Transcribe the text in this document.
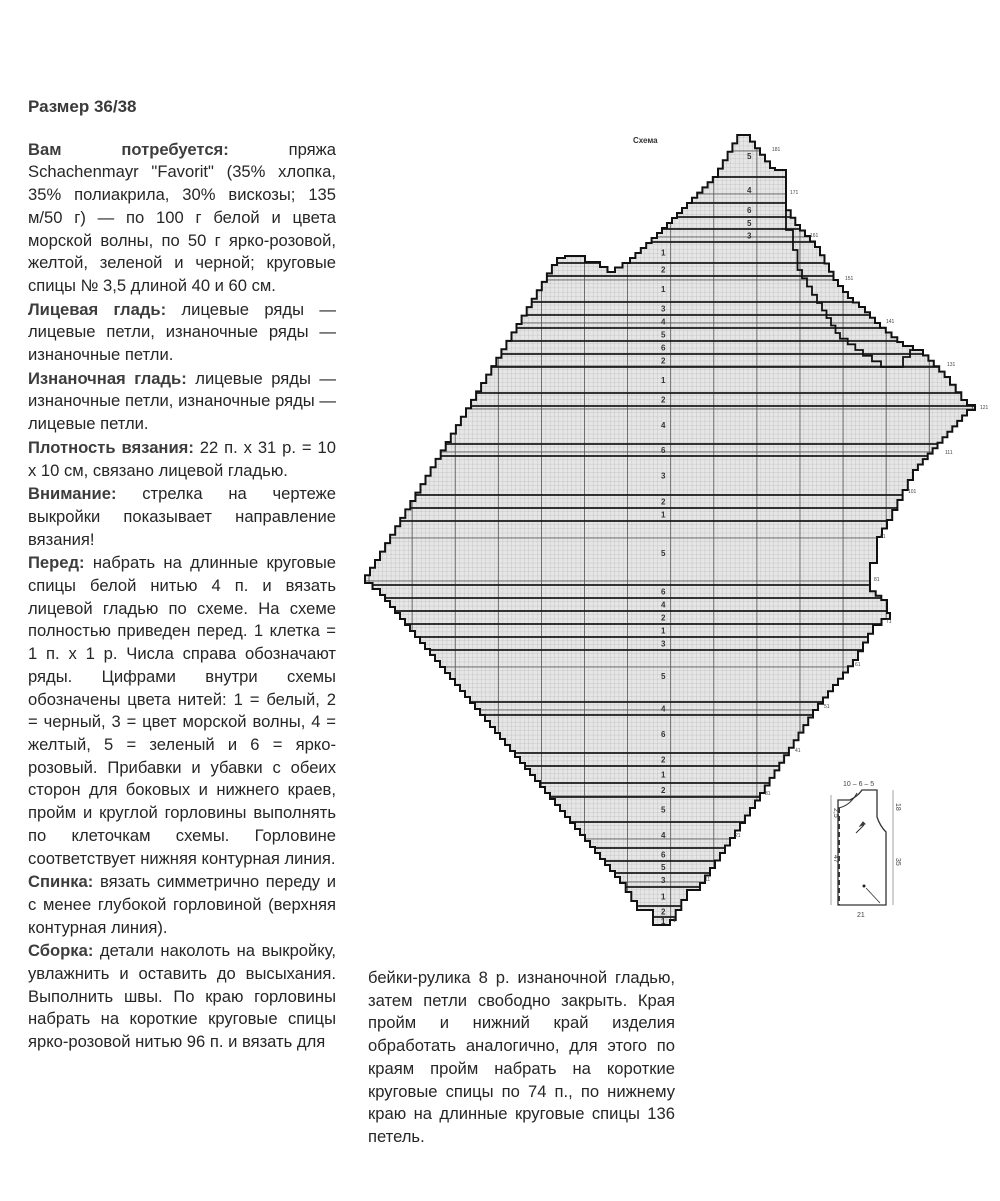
Размер 36/38

Вам потребуется:	пряжа Schachenmayr "Favorit" (35% хлопка, 35% полиакрила, 30% вискозы; 135 м/50 г) — по 100 г белой и цвета морской волны, по 50 г ярко-розовой, желтой, зеленой и черной; круговые спицы № 3,5 длиной 40 и 60 см.

Лицевая гладь: лицевые ряды — лицевые петли, изнаночные ряды — изнаночные петли.

Изнаночная гладь: лицевые ряды — изнаночные петли, изнаночные ряды — лицевые петли.

Плотность вязания: 22 п. х 31 р. = 10 х 10 см, связано лицевой гладью.

Внимание: стрелка на чертеже выкройки показывает направление вязания!

Перед: набрать на длинные круговые спицы белой нитью 4 п. и вязать лицевой гладью по схеме. На схеме полностью приведен перед. 1 клетка = 1 п. х 1 р. Числа справа обозначают ряды. Цифрами внутри схемы обозначены цвета нитей: 1 = белый, 2 = черный, 3 = цвет морской волны, 4 = желтый, 5 = зеленый и 6 = ярко-розовый. Прибавки и убавки с обеих сторон для боковых и нижнего краев, пройм и круглой горловины выполнять по клеточкам схемы. Горловине соответствует нижняя контурная линия.

Спинка: вязать симметрично переду и с менее глубокой горловиной (верхняя контурная линия).

Сборка: детали наколоть на выкройку, увлажнить и оставить до высыхания. Выполнить швы. По краю горловины набрать на короткие круговые спицы ярко-розовой нитью 96 п. и вязать для

бейки-рулика 8 р. изнаночной гладью, затем петли свободно закрыть. Края пройм и нижний край изделия обработать аналогично, для этого по краям пройм набрать на короткие круговые спицы по 74 п., по нижнему краю на длинные круговые спицы 136 петель.

Схема
5
4
6
5
3
1
2
1
3
4
5
6
2
1
2
4
6
3
2
1
5
6
4
2
1
3
5
4
6
2
1
2
5
4
6
5
3
1
2
1
181
171
161
151
141
131
121
111
101
91
81
71
61
51
41
31
21
11
1
10 – 6 – 5
21
2,5
47
18
35
